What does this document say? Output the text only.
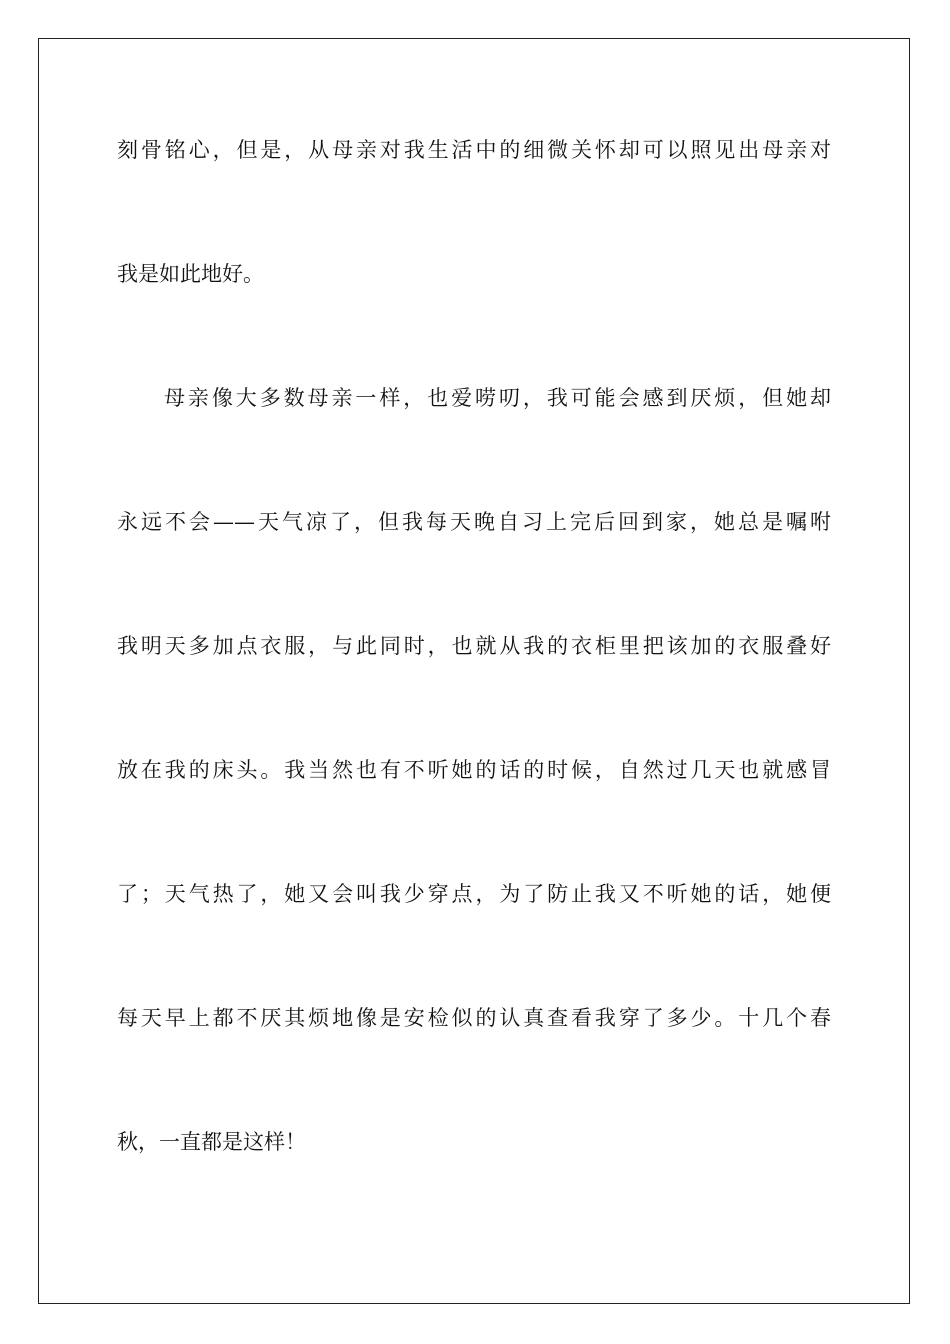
刻骨铭心，但是，从母亲对我生活中的细微关怀却可以照见出母亲对

我是如此地好。

母亲像大多数母亲一样，也爱唠叨，我可能会感到厌烦，但她却

永远不会——天气凉了，但我每天晚自习上完后回到家，她总是嘱咐

我明天多加点衣服，与此同时，也就从我的衣柜里把该加的衣服叠好

放在我的床头。我当然也有不听她的话的时候，自然过几天也就感冒

了；天气热了，她又会叫我少穿点，为了防止我又不听她的话，她便

每天早上都不厌其烦地像是安检似的认真查看我穿了多少。十几个春

秋，一直都是这样！
